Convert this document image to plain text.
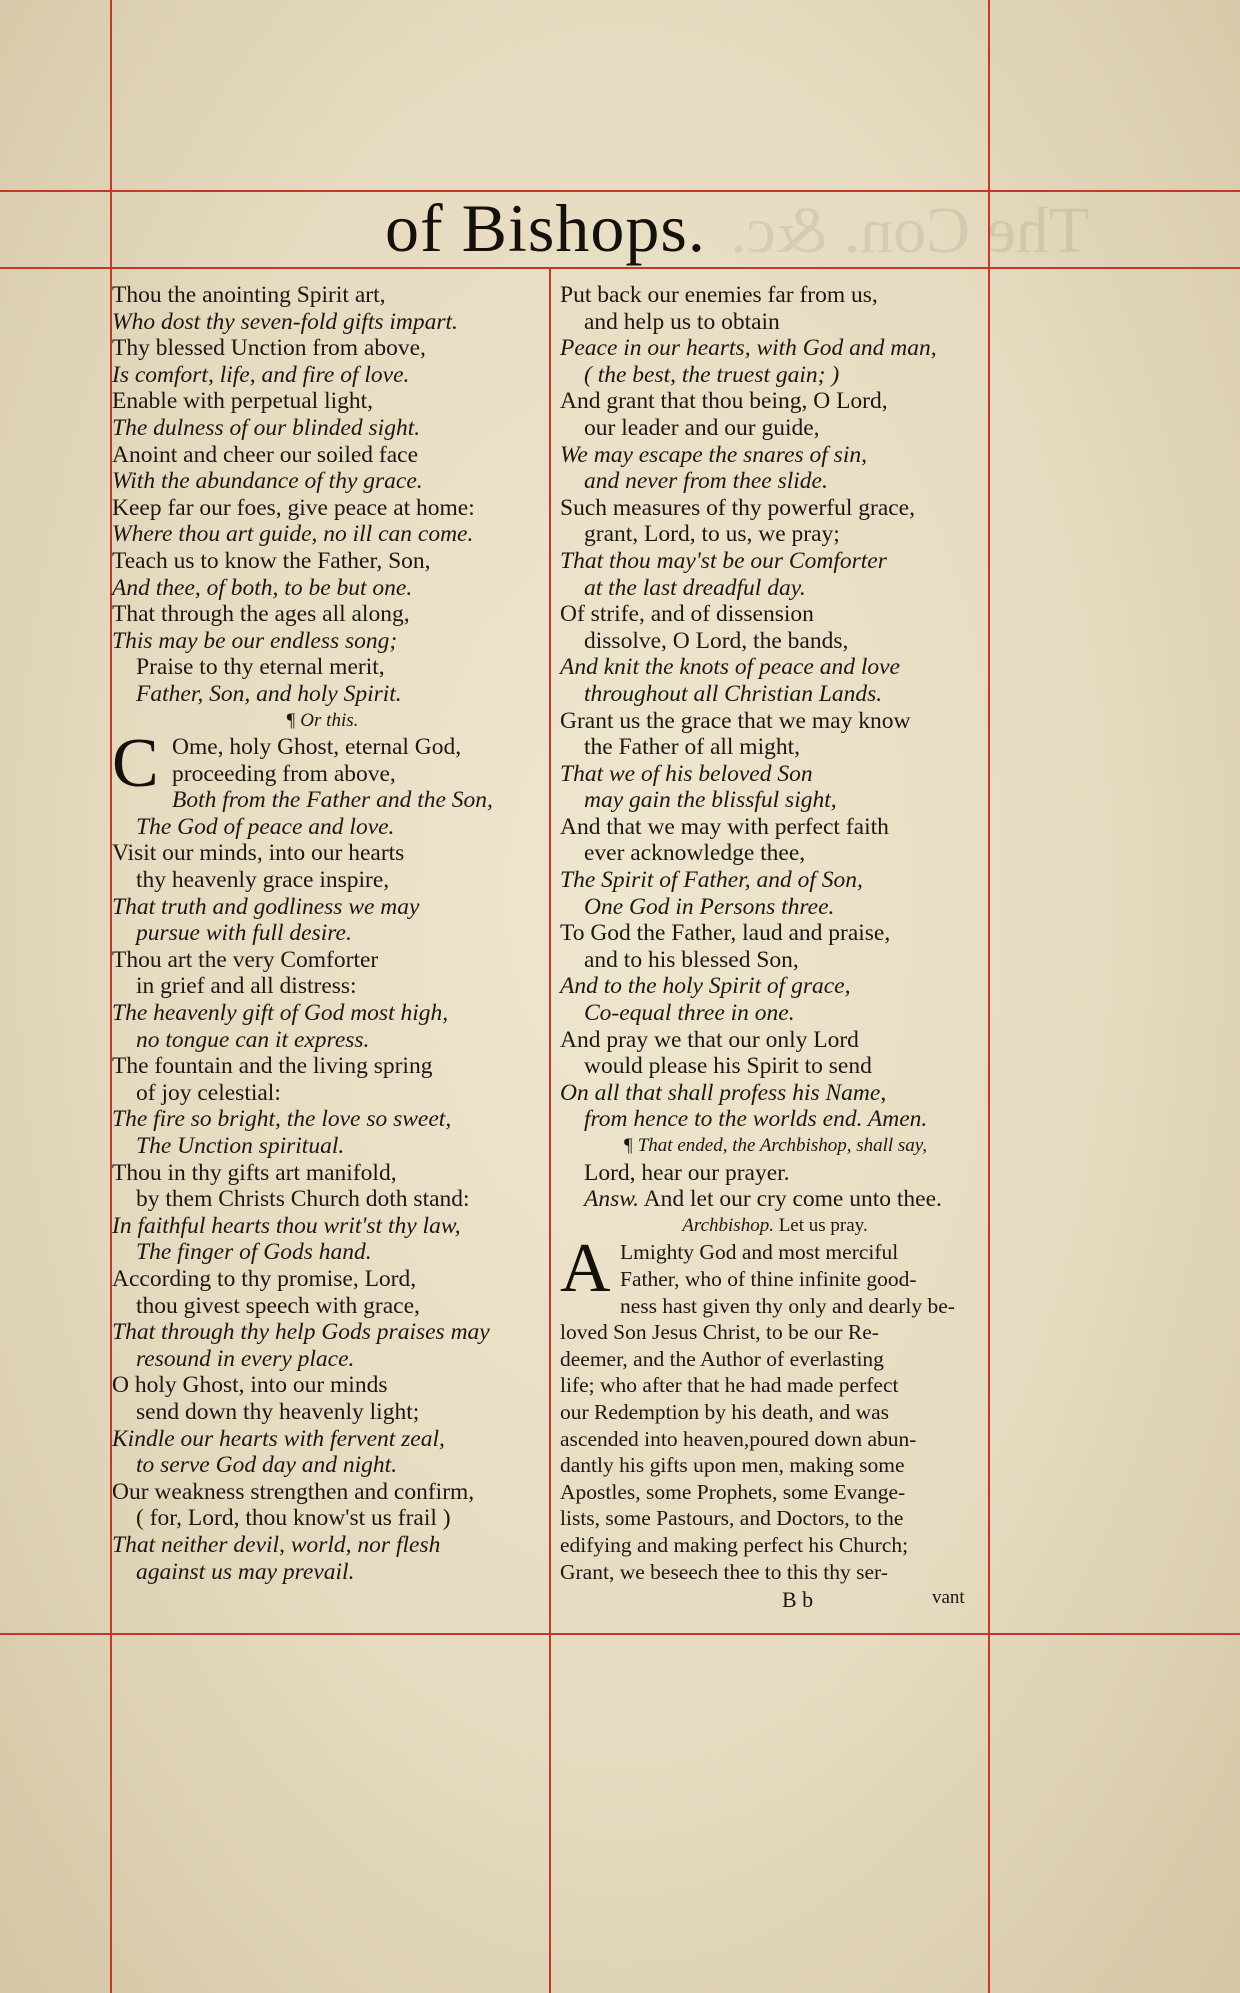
The Con. &c.
of Bishops.

Thou the anointing Spirit art,

Who dost thy seven-fold gifts impart.

Thy blessed Unction from above,

Is comfort, life, and fire of love.

Enable with perpetual light,

The dulness of our blinded sight.

Anoint and cheer our soiled face

With the abundance of thy grace.

Keep far our foes, give peace at home:

Where thou art guide, no ill can come.

Teach us to know the Father, Son,

And thee, of both, to be but one.

That through the ages all along,

This may be our endless song;

Praise to thy eternal merit,

Father, Son, and holy Spirit.

¶ Or this.

C Ome, holy Ghost, eternal God,

proceeding from above,

Both from the Father and the Son,

The God of peace and love.

Visit our minds, into our hearts

thy heavenly grace inspire,

That truth and godliness we may

pursue with full desire.

Thou art the very Comforter

in grief and all distress:

The heavenly gift of God most high,

no tongue can it express.

The fountain and the living spring

of joy celestial:

The fire so bright, the love so sweet,

The Unction spiritual.

Thou in thy gifts art manifold,

by them Christs Church doth stand:

In faithful hearts thou writ'st thy law,

The finger of Gods hand.

According to thy promise, Lord,

thou givest speech with grace,

That through thy help Gods praises may

resound in every place.

O holy Ghost, into our minds

send down thy heavenly light;

Kindle our hearts with fervent zeal,

to serve God day and night.

Our weakness strengthen and confirm,

( for, Lord, thou know'st us frail )

That neither devil, world, nor flesh

against us may prevail.

Put back our enemies far from us,

and help us to obtain

Peace in our hearts, with God and man,

( the best, the truest gain; )

And grant that thou being, O Lord,

our leader and our guide,

We may escape the snares of sin,

and never from thee slide.

Such measures of thy powerful grace,

grant, Lord, to us, we pray;

That thou may'st be our Comforter

at the last dreadful day.

Of strife, and of dissension

dissolve, O Lord, the bands,

And knit the knots of peace and love

throughout all Christian Lands.

Grant us the grace that we may know

the Father of all might,

That we of his beloved Son

may gain the blissful sight,

And that we may with perfect faith

ever acknowledge thee,

The Spirit of Father, and of Son,

One God in Persons three.

To God the Father, laud and praise,

and to his blessed Son,

And to the holy Spirit of grace,

Co-equal three in one.

And pray we that our only Lord

would please his Spirit to send

On all that shall profess his Name,

from hence to the worlds end. Amen.

¶ That ended, the Archbishop, shall say,

Lord, hear our prayer.

Answ. And let our cry come unto thee.

Archbishop. Let us pray.

A Lmighty God and most merciful

Father, who of thine infinite good-

ness hast given thy only and dearly be-

loved Son Jesus Christ, to be our Re-

deemer, and the Author of everlasting

life; who after that he had made perfect

our Redemption by his death, and was

ascended into heaven,poured down abun-

dantly his gifts upon men, making some

Apostles, some Prophets, some Evange-

lists, some Pastours, and Doctors, to the

edifying and making perfect his Church;

Grant, we beseech thee to this thy ser-

B b	vant
